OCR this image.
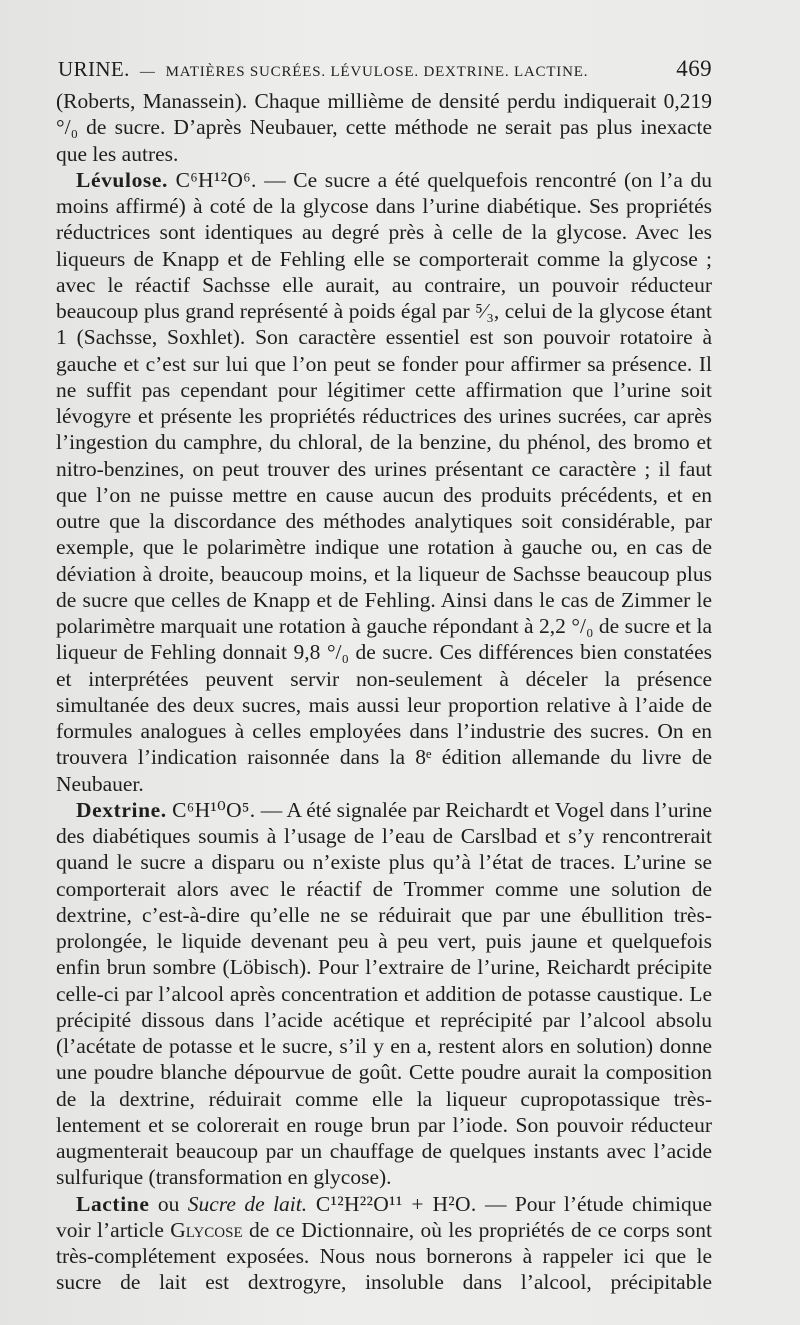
URINE. — MATIÈRES SUCRÉES. LÉVULOSE. DEXTRINE. LACTINE.	469

(Roberts, Manassein). Chaque millième de densité perdu indiquerait 0,219 °/₀ de sucre. D’après Neubauer, cette méthode ne serait pas plus inexacte que les autres.

Lévulose. C⁶H¹²O⁶. — Ce sucre a été quelquefois rencontré (on l’a du moins affirmé) à coté de la glycose dans l’urine diabétique. Ses propriétés réductrices sont identiques au degré près à celle de la glycose. Avec les liqueurs de Knapp et de Fehling elle se comporterait comme la glycose ; avec le réactif Sachsse elle aurait, au contraire, un pouvoir réducteur beaucoup plus grand représenté à poids égal par ⁵⁄₃, celui de la glycose étant 1 (Sachsse, Soxhlet). Son caractère essentiel est son pouvoir rotatoire à gauche et c’est sur lui que l’on peut se fonder pour affirmer sa présence. Il ne suffit pas cependant pour légitimer cette affirmation que l’urine soit lévogyre et présente les propriétés réductrices des urines sucrées, car après l’ingestion du camphre, du chloral, de la benzine, du phénol, des bromo et nitro-benzines, on peut trouver des urines présentant ce caractère ; il faut que l’on ne puisse mettre en cause aucun des produits précédents, et en outre que la discordance des méthodes analytiques soit considérable, par exemple, que le polarimètre indique une rotation à gauche ou, en cas de déviation à droite, beaucoup moins, et la liqueur de Sachsse beaucoup plus de sucre que celles de Knapp et de Fehling. Ainsi dans le cas de Zimmer le polarimètre marquait une rotation à gauche répondant à 2,2 °/₀ de sucre et la liqueur de Fehling donnait 9,8 °/₀ de sucre. Ces différences bien constatées et interprétées peuvent servir non-seulement à déceler la présence simultanée des deux sucres, mais aussi leur proportion relative à l’aide de formules analogues à celles employées dans l’industrie des sucres. On en trouvera l’indication raisonnée dans la 8ᵉ édition allemande du livre de Neubauer.

Dextrine. C⁶H¹⁰O⁵. — A été signalée par Reichardt et Vogel dans l’urine des diabétiques soumis à l’usage de l’eau de Carslbad et s’y rencontrerait quand le sucre a disparu ou n’existe plus qu’à l’état de traces. L’urine se comporterait alors avec le réactif de Trommer comme une solution de dextrine, c’est-à-dire qu’elle ne se réduirait que par une ébullition très-prolongée, le liquide devenant peu à peu vert, puis jaune et quelquefois enfin brun sombre (Löbisch). Pour l’extraire de l’urine, Reichardt précipite celle-ci par l’alcool après concentration et addition de potasse caustique. Le précipité dissous dans l’acide acétique et reprécipité par l’alcool absolu (l’acétate de potasse et le sucre, s’il y en a, restent alors en solution) donne une poudre blanche dépourvue de goût. Cette poudre aurait la composition de la dextrine, réduirait comme elle la liqueur cupropotassique très-lentement et se colorerait en rouge brun par l’iode. Son pouvoir réducteur augmenterait beaucoup par un chauffage de quelques instants avec l’acide sulfurique (transformation en glycose).

Lactine ou Sucre de lait. C¹²H²²O¹¹ + H²O. — Pour l’étude chimique voir l’article Glycose de ce Dictionnaire, où les propriétés de ce corps sont très-complétement exposées. Nous nous bornerons à rappeler ici que le sucre de lait est dextrogyre, insoluble dans l’alcool, précipitable
